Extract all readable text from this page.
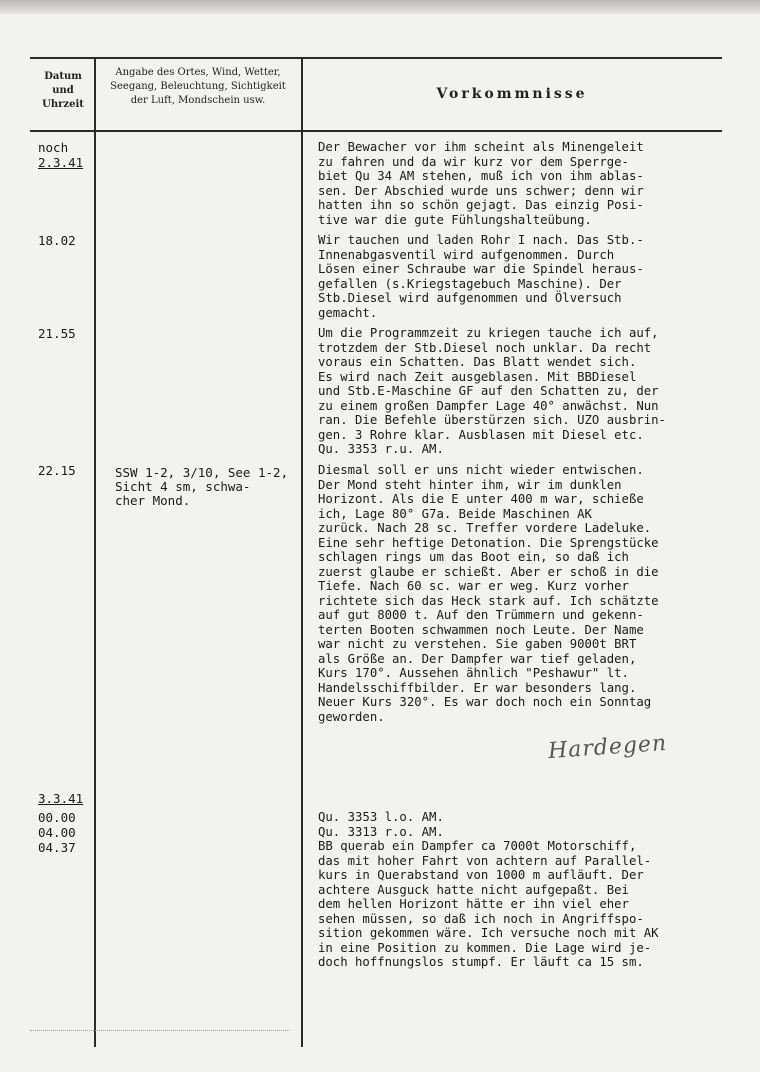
Datum
und
Uhrzeit
Angabe des Ortes, Wind, Wetter,
Seegang, Beleuchtung, Sichtigkeit
der Luft, Mondschein usw.	Vorkommnisse
noch
2.3.41
18.02
21.55
22.15
3.3.41
00.00
04.00
04.37
SSW 1-2, 3/10, See 1-2,
Sicht 4 sm, schwa-
cher Mond.
Der Bewacher vor ihm scheint als Minengeleit
zu fahren und da wir kurz vor dem Sperrge-
biet Qu 34 AM stehen, muß ich von ihm ablas-
sen. Der Abschied wurde uns schwer; denn wir
hatten ihn so schön gejagt. Das einzig Posi-
tive war die gute Fühlungshalteübung.
Wir tauchen und laden Rohr I nach. Das Stb.-
Innenabgasventil wird aufgenommen. Durch
Lösen einer Schraube war die Spindel heraus-
gefallen (s.Kriegstagebuch Maschine). Der
Stb.Diesel wird aufgenommen und Ölversuch
gemacht.
Um die Programmzeit zu kriegen tauche ich auf,
trotzdem der Stb.Diesel noch unklar. Da recht
voraus ein Schatten. Das Blatt wendet sich.
Es wird nach Zeit ausgeblasen. Mit BBDiesel
und Stb.E-Maschine GF auf den Schatten zu, der
zu einem großen Dampfer Lage 40° anwächst. Nun
ran. Die Befehle überstürzen sich. UZO ausbrin-
gen. 3 Rohre klar. Ausblasen mit Diesel etc.
Qu. 3353 r.u. AM.
Diesmal soll er uns nicht wieder entwischen.
Der Mond steht hinter ihm, wir im dunklen
Horizont. Als die E unter 400 m war, schieße
ich, Lage 80° G7a. Beide Maschinen AK
zurück. Nach 28 sc. Treffer vordere Ladeluke.
Eine sehr heftige Detonation. Die Sprengstücke
schlagen rings um das Boot ein, so daß ich
zuerst glaube er schießt. Aber er schoß in die
Tiefe. Nach 60 sc. war er weg. Kurz vorher
richtete sich das Heck stark auf. Ich schätzte
auf gut 8000 t. Auf den Trümmern und gekenn-
terten Booten schwammen noch Leute. Der Name
war nicht zu verstehen. Sie gaben 9000t BRT
als Größe an. Der Dampfer war tief geladen,
Kurs 170°. Aussehen ähnlich "Peshawur" lt.
Handelsschiffbilder. Er war besonders lang.
Neuer Kurs 320°. Es war doch noch ein Sonntag
geworden.
Hardegen
Qu. 3353 l.o. AM.
Qu. 3313 r.o. AM.
BB querab ein Dampfer ca 7000t Motorschiff,
das mit hoher Fahrt von achtern auf Parallel-
kurs in Querabstand von 1000 m aufläuft. Der
achtere Ausguck hatte nicht aufgepaßt. Bei
dem hellen Horizont hätte er ihn viel eher
sehen müssen, so daß ich noch in Angriffspo-
sition gekommen wäre. Ich versuche noch mit AK
in eine Position zu kommen. Die Lage wird je-
doch hoffnungslos stumpf. Er läuft ca 15 sm.
